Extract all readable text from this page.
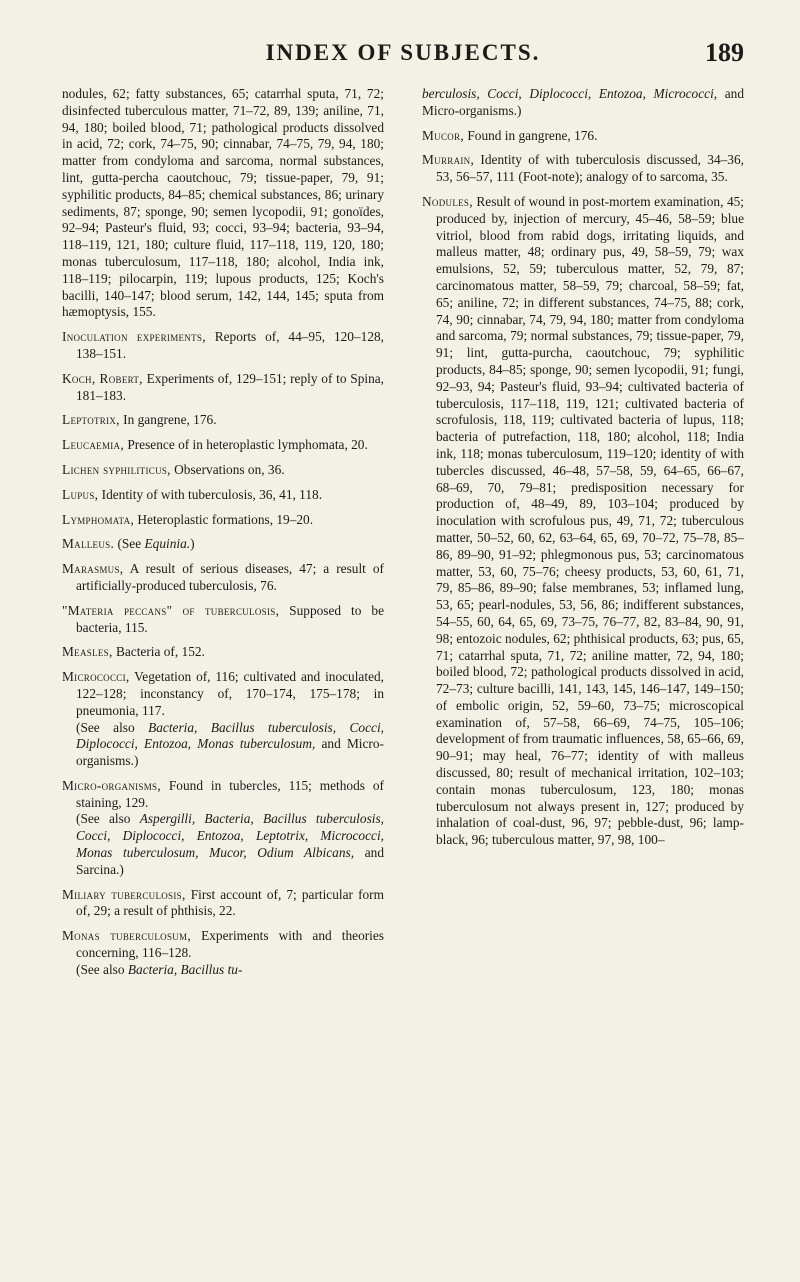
INDEX OF SUBJECTS.	189

nodules, 62; fatty substances, 65; catarrhal sputa, 71, 72; disinfected tuberculous matter, 71–72, 89, 139; aniline, 71, 94, 180; boiled blood, 71; pathological products dissolved in acid, 72; cork, 74–75, 90; cinnabar, 74–75, 79, 94, 180; matter from condyloma and sarcoma, normal substances, lint, gutta-percha caoutchouc, 79; tissue-paper, 79, 91; syphilitic products, 84–85; chemical substances, 86; urinary sediments, 87; sponge, 90; semen lycopodii, 91; gonoïdes, 92–94; Pasteur's fluid, 93; cocci, 93–94; bacteria, 93–94, 118–119, 121, 180; culture fluid, 117–118, 119, 120, 180; monas tuberculosum, 117–118, 180; alcohol, India ink, 118–119; pilocarpin, 119; lupous products, 125; Koch's bacilli, 140–147; blood serum, 142, 144, 145; sputa from hæmoptysis, 155.

Inoculation experiments, Reports of, 44–95, 120–128, 138–151.

Koch, Robert, Experiments of, 129–151; reply of to Spina, 181–183.

Leptotrix, In gangrene, 176.

Leucaemia, Presence of in heteroplastic lymphomata, 20.

Lichen syphiliticus, Observations on, 36.

Lupus, Identity of with tuberculosis, 36, 41, 118.

Lymphomata, Heteroplastic formations, 19–20.

Malleus. (See Equinia.)

Marasmus, A result of serious diseases, 47; a result of artificially-produced tuberculosis, 76.

"Materia peccans" of tuberculosis, Supposed to be bacteria, 115.

Measles, Bacteria of, 152.

Micrococci, Vegetation of, 116; cultivated and inoculated, 122–128; inconstancy of, 170–174, 175–178; in pneumonia, 117.

(See also Bacteria, Bacillus tuberculosis, Cocci, Diplococci, Entozoa, Monas tuberculosum, and Micro-organisms.)

Micro-organisms, Found in tubercles, 115; methods of staining, 129.

(See also Aspergilli, Bacteria, Bacillus tuberculosis, Cocci, Diplococci, Entozoa, Leptotrix, Micrococci, Monas tuberculosum, Mucor, Odium Albicans, and Sarcina.)

Miliary tuberculosis, First account of, 7; particular form of, 29; a result of phthisis, 22.

Monas tuberculosum, Experiments with and theories concerning, 116–128.

(See also Bacteria, Bacillus tu-

berculosis, Cocci, Diplococci, Entozoa, Micrococci, and Micro-organisms.)

Mucor, Found in gangrene, 176.

Murrain, Identity of with tuberculosis discussed, 34–36, 53, 56–57, 111 (Foot-note); analogy of to sarcoma, 35.

Nodules, Result of wound in post-mortem examination, 45; produced by, injection of mercury, 45–46, 58–59; blue vitriol, blood from rabid dogs, irritating liquids, and malleus matter, 48; ordinary pus, 49, 58–59, 79; wax emulsions, 52, 59; tuberculous matter, 52, 79, 87; carcinomatous matter, 58–59, 79; charcoal, 58–59; fat, 65; aniline, 72; in different substances, 74–75, 88; cork, 74, 90; cinnabar, 74, 79, 94, 180; matter from condyloma and sarcoma, 79; normal substances, 79; tissue-paper, 79, 91; lint, gutta-purcha, caoutchouc, 79; syphilitic products, 84–85; sponge, 90; semen lycopodii, 91; fungi, 92–93, 94; Pasteur's fluid, 93–94; cultivated bacteria of tuberculosis, 117–118, 119, 121; cultivated bacteria of scrofulosis, 118, 119; cultivated bacteria of lupus, 118; bacteria of putrefaction, 118, 180; alcohol, 118; India ink, 118; monas tuberculosum, 119–120; identity of with tubercles discussed, 46–48, 57–58, 59, 64–65, 66–67, 68–69, 70, 79–81; predisposition necessary for production of, 48–49, 89, 103–104; produced by inoculation with scrofulous pus, 49, 71, 72; tuberculous matter, 50–52, 60, 62, 63–64, 65, 69, 70–72, 75–78, 85–86, 89–90, 91–92; phlegmonous pus, 53; carcinomatous matter, 53, 60, 75–76; cheesy products, 53, 60, 61, 71, 79, 85–86, 89–90; false membranes, 53; inflamed lung, 53, 65; pearl-nodules, 53, 56, 86; indifferent substances, 54–55, 60, 64, 65, 69, 73–75, 76–77, 82, 83–84, 90, 91, 98; entozoic nodules, 62; phthisical products, 63; pus, 65, 71; catarrhal sputa, 71, 72; aniline matter, 72, 94, 180; boiled blood, 72; pathological products dissolved in acid, 72–73; culture bacilli, 141, 143, 145, 146–147, 149–150; of embolic origin, 52, 59–60, 73–75; microscopical examination of, 57–58, 66–69, 74–75, 105–106; development of from traumatic influences, 58, 65–66, 69, 90–91; may heal, 76–77; identity of with malleus discussed, 80; result of mechanical irritation, 102–103; contain monas tuberculosum, 123, 180; monas tuberculosum not always present in, 127; produced by inhalation of coal-dust, 96, 97; pebble-dust, 96; lamp-black, 96; tuberculous matter, 97, 98, 100–
